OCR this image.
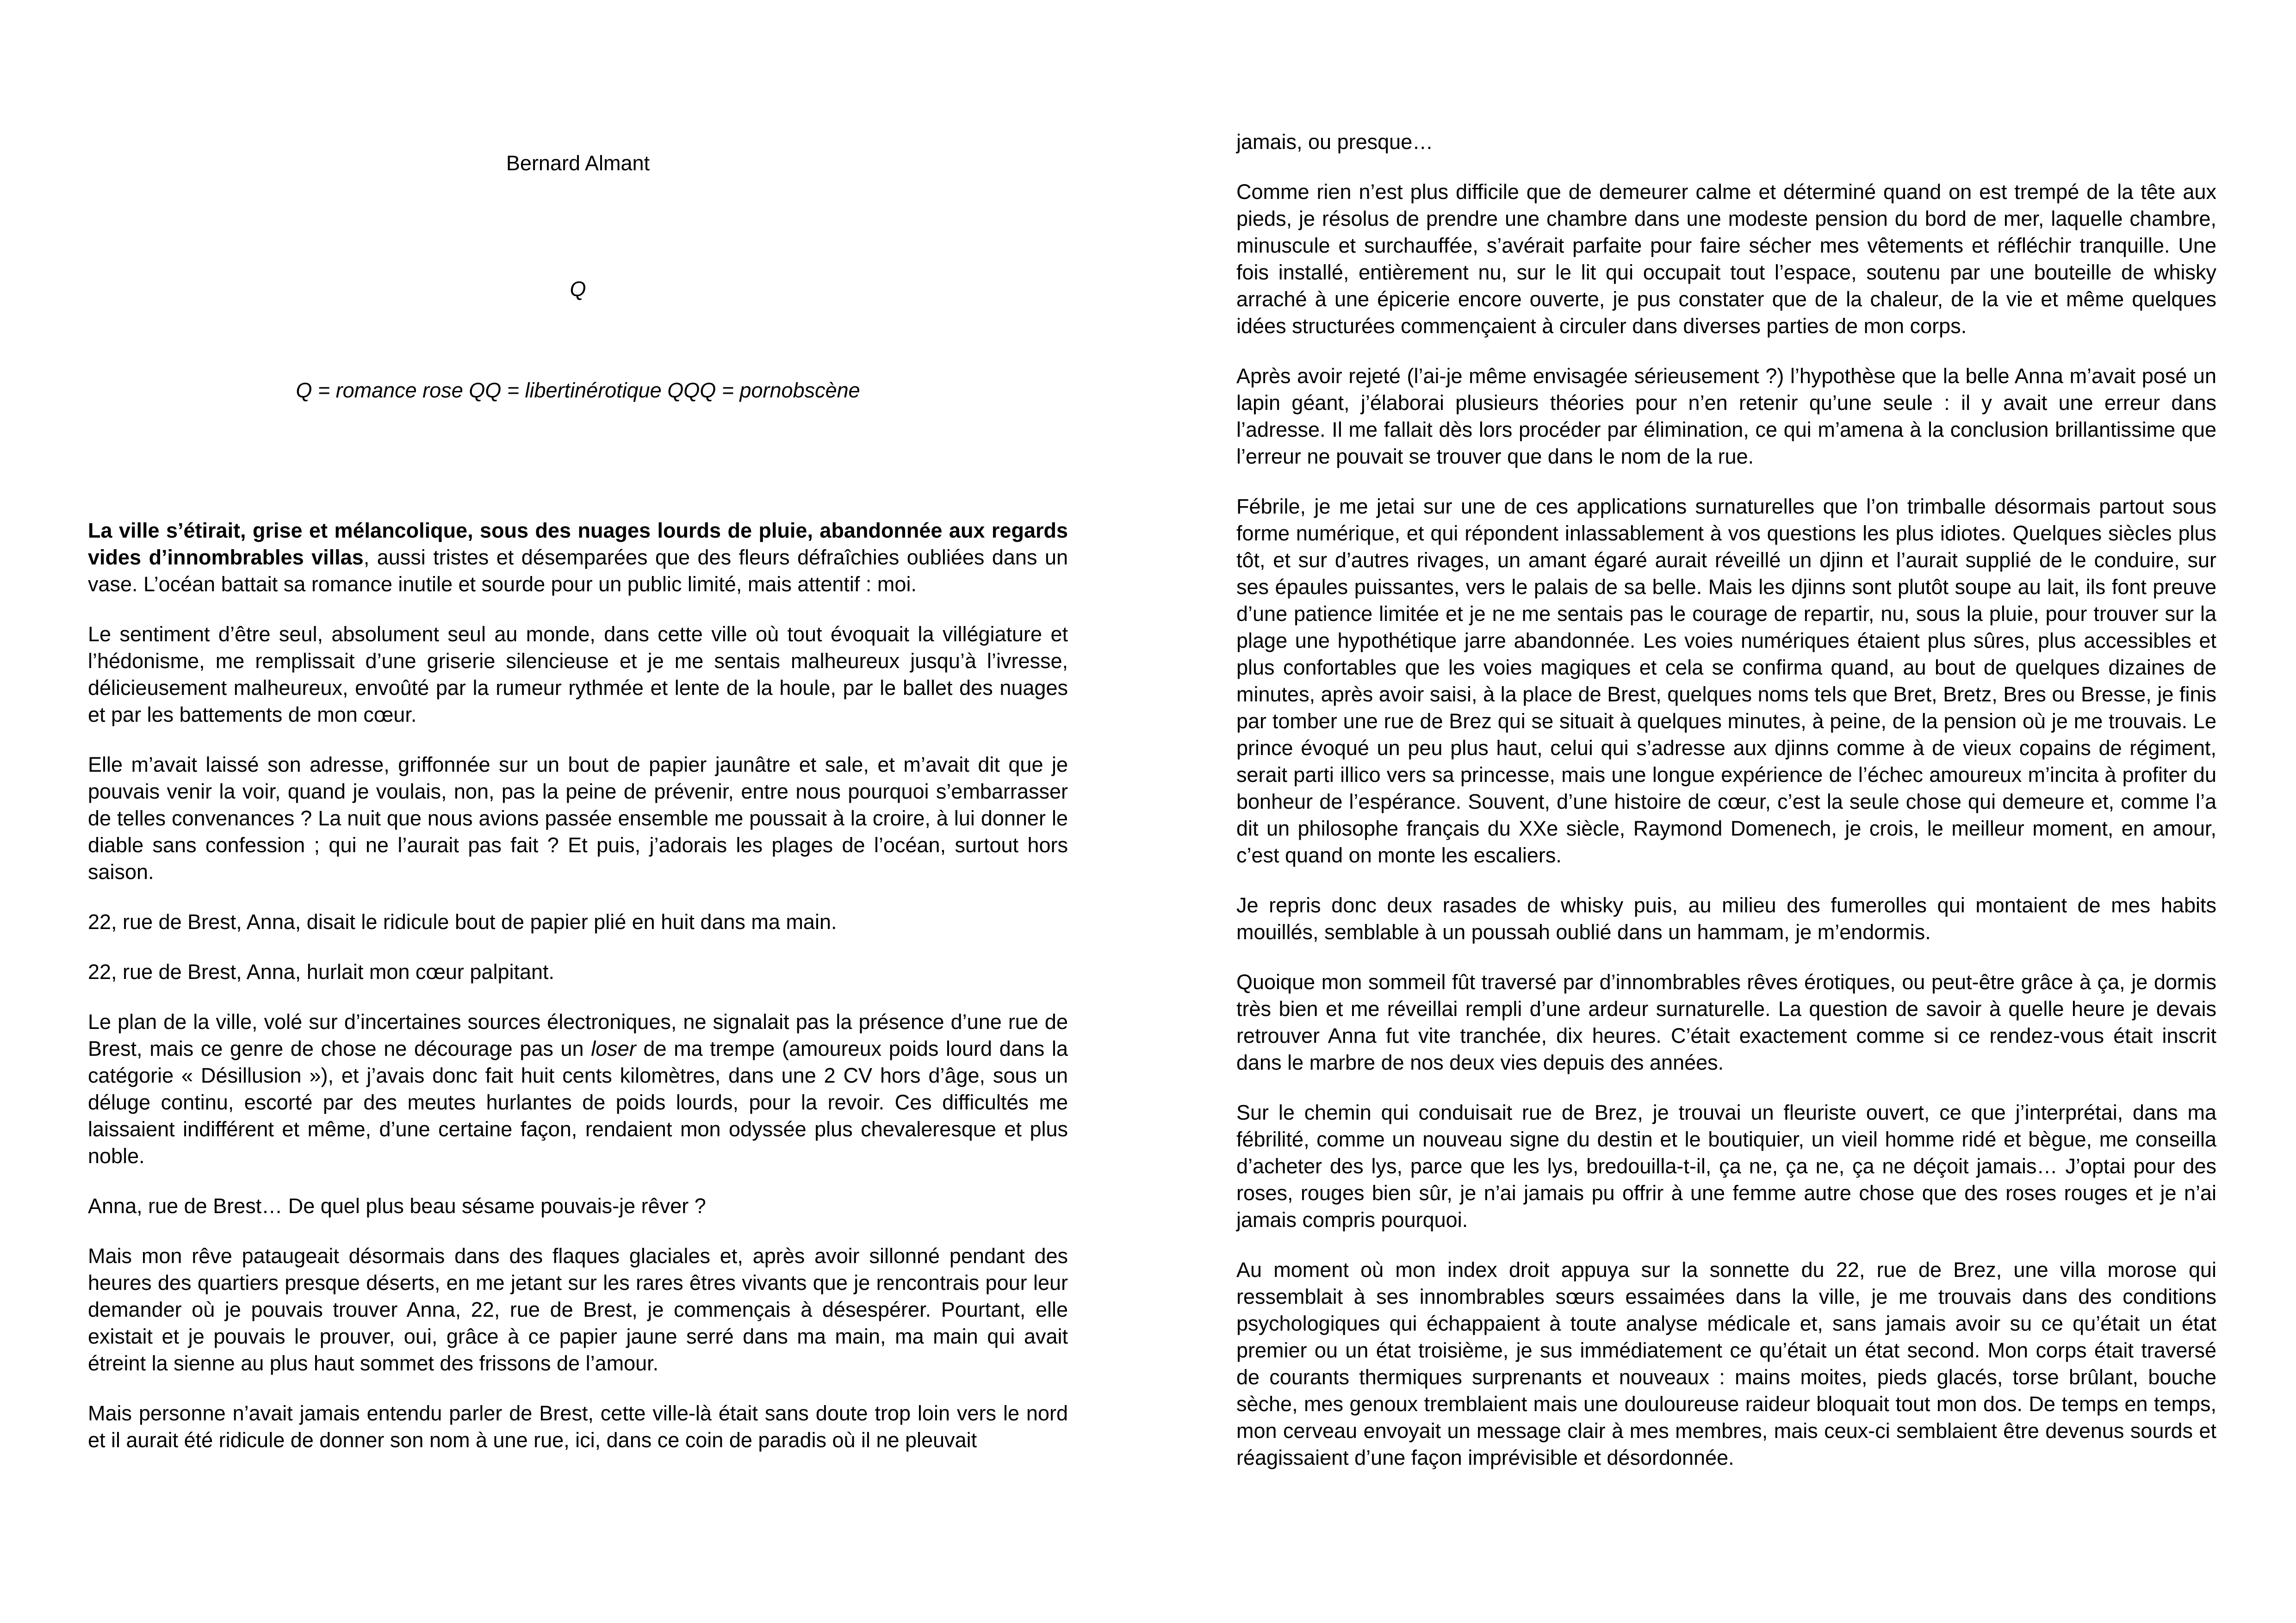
Bernard Almant

Q

Q = romance rose QQ = libertinérotique QQQ = pornobscène

La ville s’étirait, grise et mélancolique, sous des nuages lourds de pluie, abandonnée aux regards vides d’innombrables villas, aussi tristes et désemparées que des fleurs défraîchies oubliées dans un vase. L’océan battait sa romance inutile et sourde pour un public limité, mais attentif : moi.

Le sentiment d’être seul, absolument seul au monde, dans cette ville où tout évoquait la villégiature et l’hédonisme, me remplissait d’une griserie silencieuse et je me sentais malheureux jusqu’à l’ivresse, délicieusement malheureux, envoûté par la rumeur rythmée et lente de la houle, par le ballet des nuages et par les battements de mon cœur.

Elle m’avait laissé son adresse, griffonnée sur un bout de papier jaunâtre et sale, et m’avait dit que je pouvais venir la voir, quand je voulais, non, pas la peine de prévenir, entre nous pourquoi s’embarrasser de telles convenances ? La nuit que nous avions passée ensemble me poussait à la croire, à lui donner le diable sans confession ; qui ne l’aurait pas fait ? Et puis, j’adorais les plages de l’océan, surtout hors saison.

22, rue de Brest, Anna, disait le ridicule bout de papier plié en huit dans ma main.

22, rue de Brest, Anna, hurlait mon cœur palpitant.

Le plan de la ville, volé sur d’incertaines sources électroniques, ne signalait pas la présence d’une rue de Brest, mais ce genre de chose ne décourage pas un loser de ma trempe (amoureux poids lourd dans la catégorie « Désillusion »), et j’avais donc fait huit cents kilomètres, dans une 2 CV hors d’âge, sous un déluge continu, escorté par des meutes hurlantes de poids lourds, pour la revoir. Ces difficultés me laissaient indifférent et même, d’une certaine façon, rendaient mon odyssée plus chevaleresque et plus noble.

Anna, rue de Brest… De quel plus beau sésame pouvais-je rêver ?

Mais mon rêve pataugeait désormais dans des flaques glaciales et, après avoir sillonné pendant des heures des quartiers presque déserts, en me jetant sur les rares êtres vivants que je rencontrais pour leur demander où je pouvais trouver Anna, 22, rue de Brest, je commençais à désespérer. Pourtant, elle existait et je pouvais le prouver, oui, grâce à ce papier jaune serré dans ma main, ma main qui avait étreint la sienne au plus haut sommet des frissons de l’amour.

Mais personne n’avait jamais entendu parler de Brest, cette ville-là était sans doute trop loin vers le nord et il aurait été ridicule de donner son nom à une rue, ici, dans ce coin de paradis où il ne pleuvait

jamais, ou presque…

Comme rien n’est plus difficile que de demeurer calme et déterminé quand on est trempé de la tête aux pieds, je résolus de prendre une chambre dans une modeste pension du bord de mer, laquelle chambre, minuscule et surchauffée, s’avérait parfaite pour faire sécher mes vêtements et réfléchir tranquille. Une fois installé, entièrement nu, sur le lit qui occupait tout l’espace, soutenu par une bouteille de whisky arraché à une épicerie encore ouverte, je pus constater que de la chaleur, de la vie et même quelques idées structurées commençaient à circuler dans diverses parties de mon corps.

Après avoir rejeté (l’ai-je même envisagée sérieusement ?) l’hypothèse que la belle Anna m’avait posé un lapin géant, j’élaborai plusieurs théories pour n’en retenir qu’une seule : il y avait une erreur dans l’adresse. Il me fallait dès lors procéder par élimination, ce qui m’amena à la conclusion brillantissime que l’erreur ne pouvait se trouver que dans le nom de la rue.

Fébrile, je me jetai sur une de ces applications surnaturelles que l’on trimballe désormais partout sous forme numérique, et qui répondent inlassablement à vos questions les plus idiotes. Quelques siècles plus tôt, et sur d’autres rivages, un amant égaré aurait réveillé un djinn et l’aurait supplié de le conduire, sur ses épaules puissantes, vers le palais de sa belle. Mais les djinns sont plutôt soupe au lait, ils font preuve d’une patience limitée et je ne me sentais pas le courage de repartir, nu, sous la pluie, pour trouver sur la plage une hypothétique jarre abandonnée. Les voies numériques étaient plus sûres, plus accessibles et plus confortables que les voies magiques et cela se confirma quand, au bout de quelques dizaines de minutes, après avoir saisi, à la place de Brest, quelques noms tels que Bret, Bretz, Bres ou Bresse, je finis par tomber une rue de Brez qui se situait à quelques minutes, à peine, de la pension où je me trouvais. Le prince évoqué un peu plus haut, celui qui s’adresse aux djinns comme à de vieux copains de régiment, serait parti illico vers sa princesse, mais une longue expérience de l’échec amoureux m’incita à profiter du bonheur de l’espérance. Souvent, d’une histoire de cœur, c’est la seule chose qui demeure et, comme l’a dit un philosophe français du XXe siècle, Raymond Domenech, je crois, le meilleur moment, en amour, c’est quand on monte les escaliers.

Je repris donc deux rasades de whisky puis, au milieu des fumerolles qui montaient de mes habits mouillés, semblable à un poussah oublié dans un hammam, je m’endormis.

Quoique mon sommeil fût traversé par d’innombrables rêves érotiques, ou peut-être grâce à ça, je dormis très bien et me réveillai rempli d’une ardeur surnaturelle. La question de savoir à quelle heure je devais retrouver Anna fut vite tranchée, dix heures. C’était exactement comme si ce rendez-vous était inscrit dans le marbre de nos deux vies depuis des années.

Sur le chemin qui conduisait rue de Brez, je trouvai un fleuriste ouvert, ce que j’interprétai, dans ma fébrilité, comme un nouveau signe du destin et le boutiquier, un vieil homme ridé et bègue, me conseilla d’acheter des lys, parce que les lys, bredouilla-t-il, ça ne, ça ne, ça ne déçoit jamais… J’optai pour des roses, rouges bien sûr, je n’ai jamais pu offrir à une femme autre chose que des roses rouges et je n’ai jamais compris pourquoi.

Au moment où mon index droit appuya sur la sonnette du 22, rue de Brez, une villa morose qui ressemblait à ses innombrables sœurs essaimées dans la ville, je me trouvais dans des conditions psychologiques qui échappaient à toute analyse médicale et, sans jamais avoir su ce qu’était un état premier ou un état troisième, je sus immédiatement ce qu’était un état second. Mon corps était traversé de courants thermiques surprenants et nouveaux : mains moites, pieds glacés, torse brûlant, bouche sèche, mes genoux tremblaient mais une douloureuse raideur bloquait tout mon dos. De temps en temps, mon cerveau envoyait un message clair à mes membres, mais ceux-ci semblaient être devenus sourds et réagissaient d’une façon imprévisible et désordonnée.
